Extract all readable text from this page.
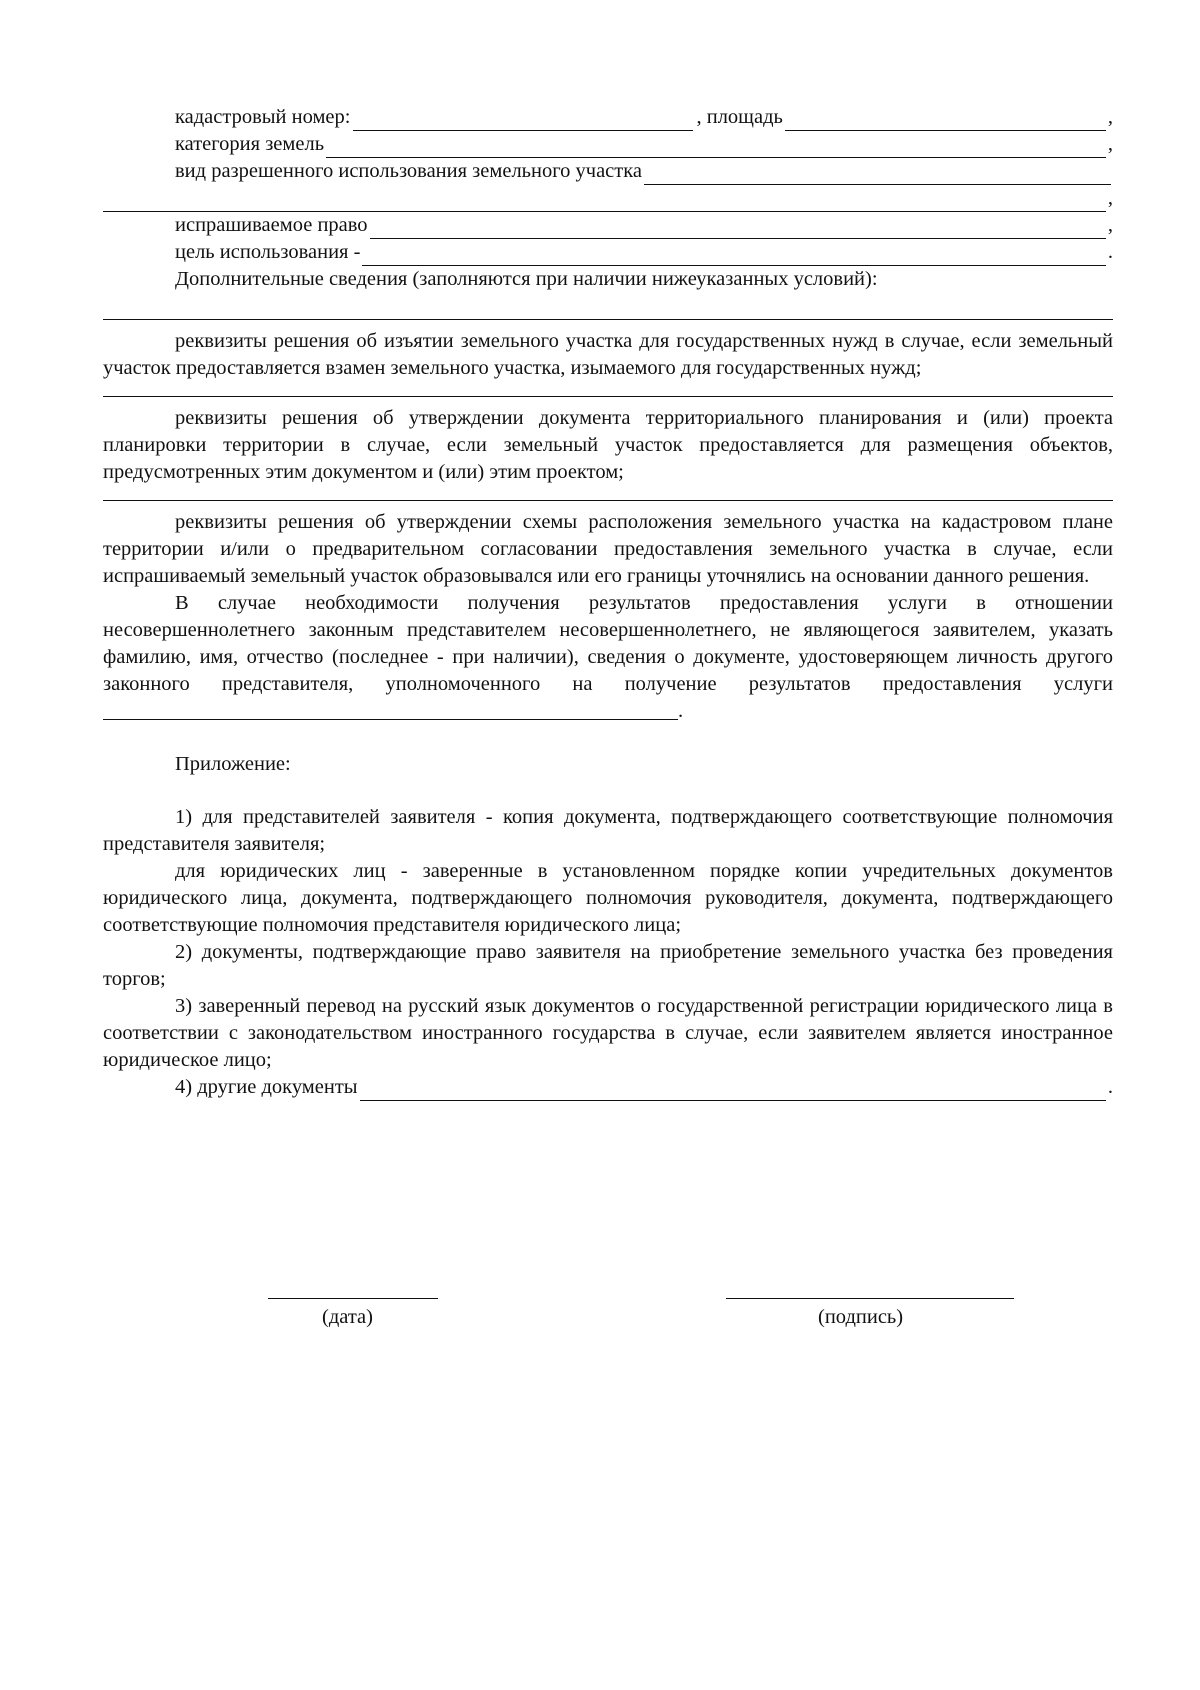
кадастровый номер:	, площадь	,
категория земель	,
вид разрешенного использования земельного участка
,
испрашиваемое право	,
цель использования -	.
Дополнительные сведения (заполняются при наличии нижеуказанных условий):

реквизиты решения об изъятии земельного участка для государственных нужд в случае, если земельный участок предоставляется взамен земельного участка, изымаемого для государственных нужд;

реквизиты решения об утверждении документа территориального планирования и (или) проекта планировки территории в случае, если земельный участок предоставляется для размещения объектов, предусмотренных этим документом и (или) этим проектом;

реквизиты решения об утверждении схемы расположения земельного участка на кадастровом плане территории и/или о предварительном согласовании предоставления земельного участка в случае, если испрашиваемый земельный участок образовывался или его границы уточнялись на основании данного решения.

В случае необходимости получения результатов предоставления услуги в отношении несовершеннолетнего законным представителем несовершеннолетнего, не являющегося заявителем, указать фамилию, имя, отчество (последнее - при наличии), сведения о документе, удостоверяющем личность другого законного представителя, уполномоченного на получение результатов предоставления услуги .

Приложение:

1) для представителей заявителя - копия документа, подтверждающего соответствующие полномочия представителя заявителя;

для юридических лиц - заверенные в установленном порядке копии учредительных документов юридического лица, документа, подтверждающего полномочия руководителя, документа, подтверждающего соответствующие полномочия представителя юридического лица;

2) документы, подтверждающие право заявителя на приобретение земельного участка без проведения торгов;

3) заверенный перевод на русский язык документов о государственной регистрации юридического лица в соответствии с законодательством иностранного государства в случае, если заявителем является иностранное юридическое лицо;

4) другие документы	.
(дата)	(подпись)
